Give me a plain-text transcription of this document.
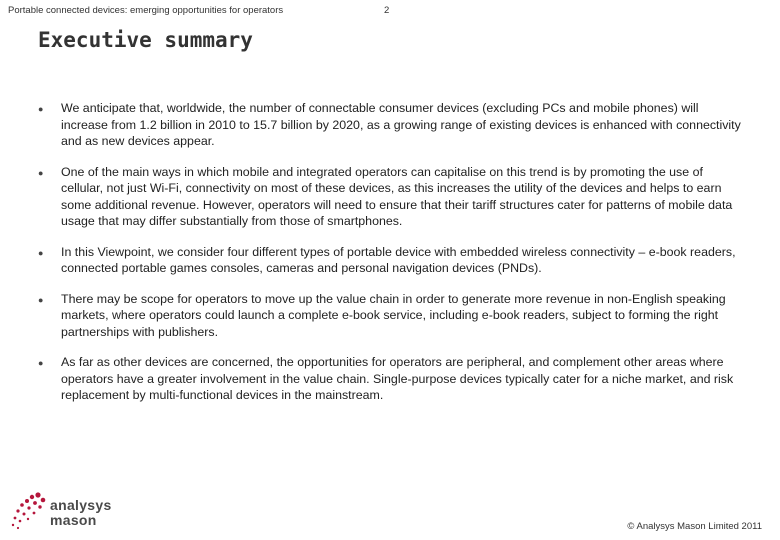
Portable connected devices: emerging opportunities for operators	2
Executive summary
● We anticipate that, worldwide, the number of connectable consumer devices (excluding PCs and mobile phones) will increase from 1.2 billion in 2010 to 15.7 billion by 2020, as a growing range of existing devices is enhanced with connectivity and as new devices appear.
● One of the main ways in which mobile and integrated operators can capitalise on this trend is by promoting the use of cellular, not just Wi-Fi, connectivity on most of these devices, as this increases the utility of the devices and helps to earn some additional revenue. However, operators will need to ensure that their tariff structures cater for patterns of mobile data usage that may differ substantially from those of smartphones.
● In this Viewpoint, we consider four different types of portable device with embedded wireless connectivity – e-book readers, connected portable games consoles, cameras and personal navigation devices (PNDs).
● There may be scope for operators to move up the value chain in order to generate more revenue in non-English speaking markets, where operators could launch a complete e-book service, including e-book readers, subject to forming the right partnerships with publishers.
● As far as other devices are concerned, the opportunities for operators are peripheral, and complement other areas where operators have a greater involvement in the value chain. Single-purpose devices typically cater for a niche market, and risk replacement by multi-functional devices in the mainstream.
analysys
mason	© Analysys Mason Limited 2011
